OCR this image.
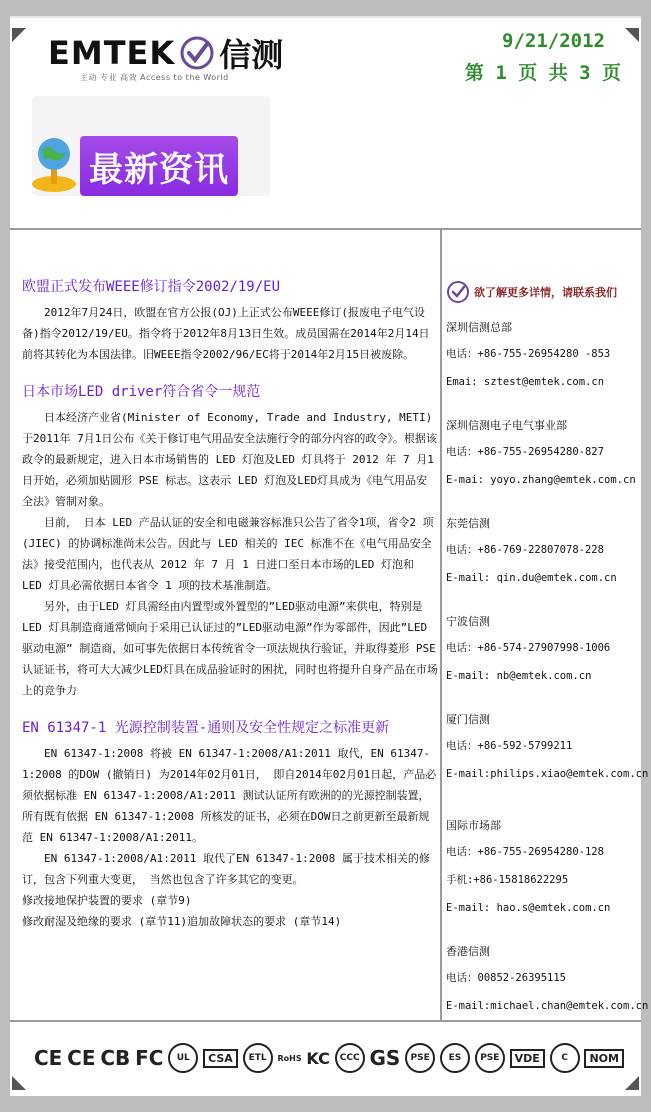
EMTEK 信测
主动 专业 高效 Access to the World
9/21/2012
第 1 页 共 3 页
最新资讯
欧盟正式发布WEEE修订指令2002/19/EU

2012年7月24日，欧盟在官方公报(OJ)上正式公布WEEE修订(报废电子电气设备)指令2012/19/EU。指令将于2012年8月13日生效。成员国需在2014年2月14日前将其转化为本国法律。旧WEEE指令2002/96/EC将于2014年2月15日被废除。

日本市场LED driver符合省令一规范

日本经济产业省(Minister of Economy, Trade and Industry, METI)于2011年 7月1日公布《关于修订电气用品安全法施行令的部分内容的政令》。根据该政令的最新规定，进入日本市场销售的 LED 灯泡及LED 灯具将于 2012 年 7 月1 日开始，必须加贴圆形 PSE 标志。这表示 LED 灯泡及LED灯具成为《电气用品安全法》管制对象。

目前， 日本 LED 产品认证的安全和电磁兼容标准只公告了省令1项，省令2 项 (JIEC) 的协调标准尚未公告。因此与 LED 相关的 IEC 标准不在《电气用品安全法》接受范围内，也代表从 2012 年 7 月 1 日进口至日本市场的LED 灯泡和 LED 灯具必需依据日本省令 1 项的技术基准制造。

另外，由于LED 灯具需经由内置型或外置型的”LED驱动电源”来供电，特别是LED 灯具制造商通常倾向于采用已认证过的”LED驱动电源”作为零部件，因此”LED驱动电源” 制造商，如可事先依据日本传统省令一项法规执行验证，并取得菱形 PSE 认证证书，将可大大减少LED灯具在成品验证时的困扰，同时也将提升自身产品在市场上的竞争力

EN 61347-1 光源控制装置-通则及安全性规定之标准更新

EN 61347-1:2008 将被 EN 61347-1:2008/A1:2011 取代，EN 61347-1:2008 的DOW (撤销日) 为2014年02月01日， 即自2014年02月01日起，产品必须依据标准 EN 61347-1:2008/A1:2011 测试认证所有欧洲的的光源控制装置，所有既有依据 EN 61347-1:2008 所核发的证书，必须在DOW日之前更新至最新规范 EN 61347-1:2008/A1:2011。

EN 61347-1:2008/A1:2011 取代了EN 61347-1:2008 属于技术相关的修订，包含下列重大变更， 当然也包含了许多其它的变更。

修改接地保护装置的要求 (章节9)
修改耐湿及绝缘的要求 (章节11)追加故障状态的要求 (章节14)
欲了解更多详情，请联系我们
深圳信测总部
电话：+86-755-26954280 -853
Emai: sztest@emtek.com.cn
深圳信测电子电气事业部
电话：+86-755-26954280-827
E-mai: yoyo.zhang@emtek.com.cn
东莞信测
电话：+86-769-22807078-228
E-mail: qin.du@emtek.com.cn
宁波信测
电话：+86-574-27907998-1006
E-mail: nb@emtek.com.cn
厦门信测
电话：+86-592-5799211
E-mail:philips.xiao@emtek.com.cn
国际市场部
电话：+86-755-26954280-128
手机:+86-15818622295
E-mail: hao.s@emtek.com.cn
香港信测
电话：00852-26395115
E-mail:michael.chan@emtek.com.cn
CE CE CB FC	UL	CSA	ETL	RoHS KC	CCC GS	PSE	ES	PSE	VDE	C	NOM
